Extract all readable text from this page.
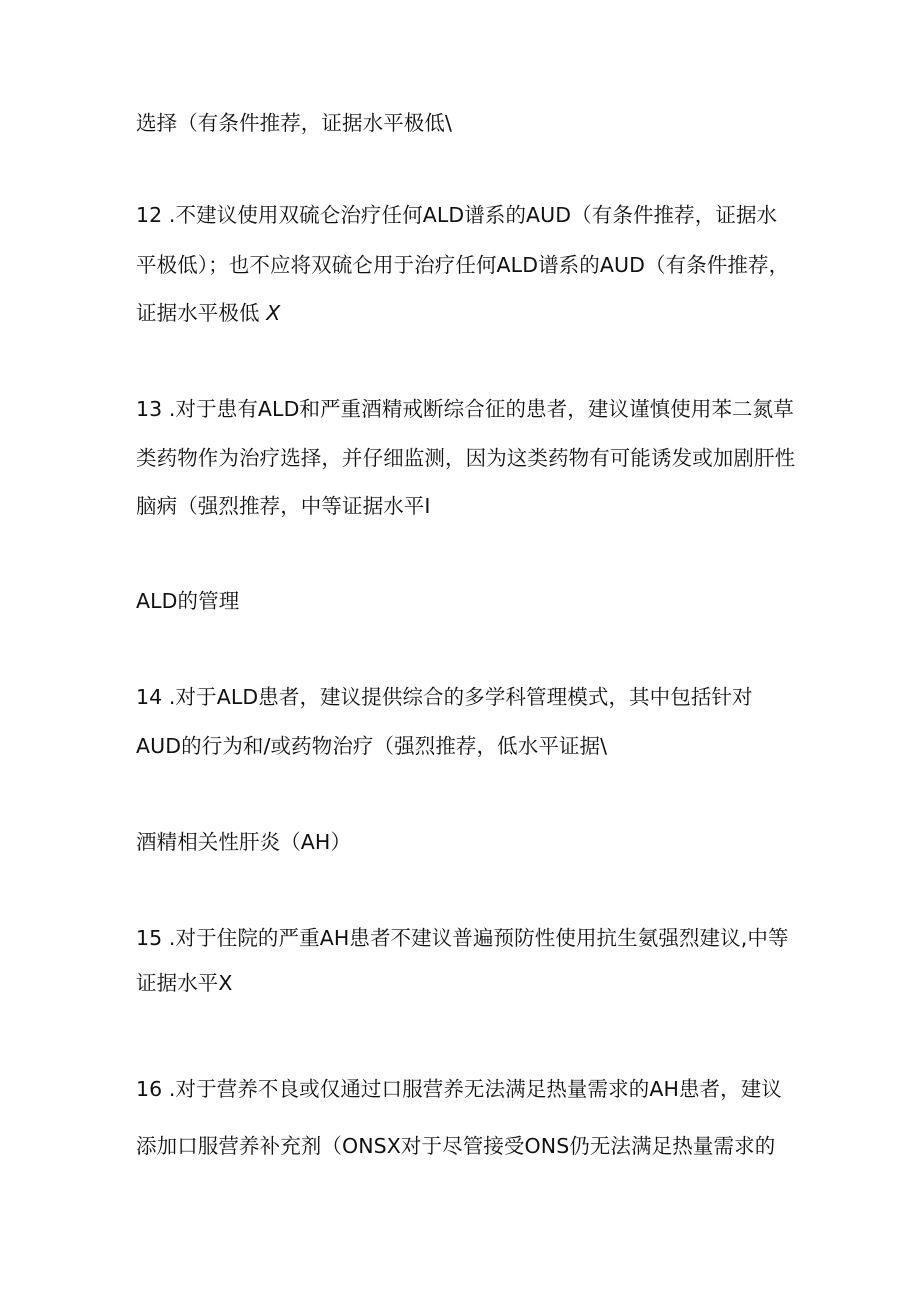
选择（有条件推荐，证据水平极低\
12 .不建议使用双硫仑治疗任何ALD谱系的AUD（有条件推荐，证据水
平极低）；也不应将双硫仑用于治疗任何ALD谱系的AUD（有条件推荐，
证据水平极低 X
13 .对于患有ALD和严重酒精戒断综合征的患者，建议谨慎使用苯二氮草
类药物作为治疗选择，并仔细监测，因为这类药物有可能诱发或加剧肝性
脑病（强烈推荐，中等证据水平I
ALD的管理
14 .对于ALD患者，建议提供综合的多学科管理模式，其中包括针对
AUD的行为和/或药物治疗（强烈推荐，低水平证据\
酒精相关性肝炎（AH）
15 .对于住院的严重AH患者不建议普遍预防性使用抗生氨强烈建议,中等
证据水平X
16 .对于营养不良或仅通过口服营养无法满足热量需求的AH患者，建议
添加口服营养补充剂（ONSX对于尽管接受ONS仍无法满足热量需求的
